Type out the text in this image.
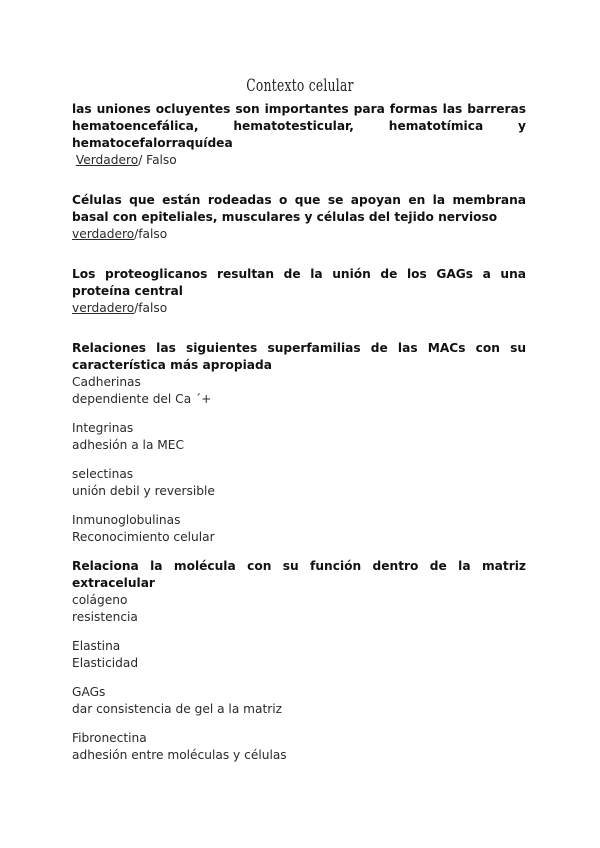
Contexto celular

las uniones ocluyentes son importantes para formas las barreras hematoencefálica, hematotesticular, hematotímica y hematocefalorraquídea

Verdadero/ Falso

Células que están rodeadas o que se apoyan en la membrana basal con epiteliales, musculares y células del tejido nervioso

verdadero/falso

Los proteoglicanos resultan de la unión de los GAGs a una proteína central

verdadero/falso

Relaciones las siguientes superfamilias de las MACs con su característica más apropiada

Cadherinas

dependiente del Ca ´+

Integrinas

adhesión a la MEC

selectinas

unión debil y reversible

Inmunoglobulinas

Reconocimiento celular

Relaciona la molécula con su función dentro de la matriz extracelular

colágeno

resistencia

Elastina

Elasticidad

GAGs

dar consistencia de gel a la matriz

Fibronectina

adhesión entre moléculas y células
